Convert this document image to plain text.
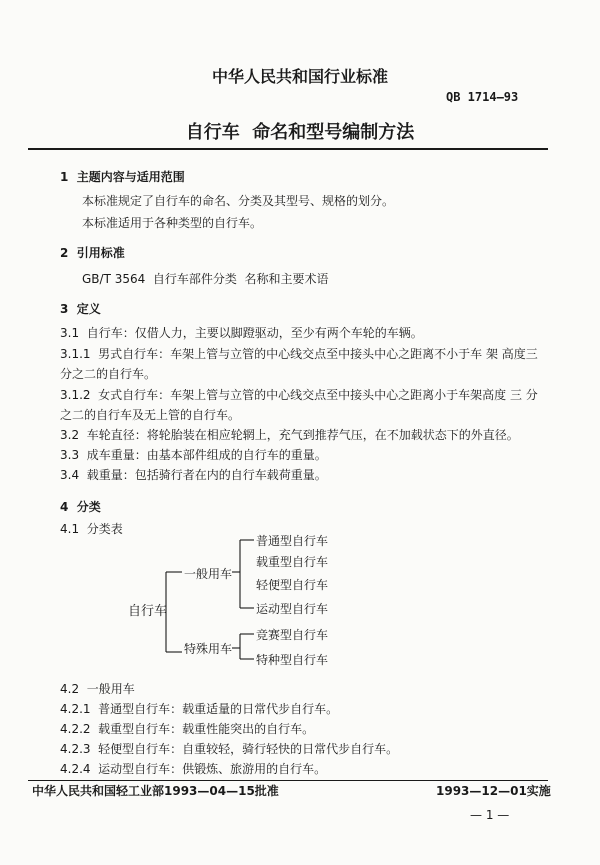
中华人民共和国行业标准
QB 1714—93
自行车  命名和型号编制方法
1  主题内容与适用范围
本标准规定了自行车的命名、分类及其型号、规格的划分。
本标准适用于各种类型的自行车。
2  引用标准
GB/T 3564  自行车部件分类  名称和主要术语
3  定义
3.1  自行车：仅借人力，主要以脚蹬驱动，至少有两个车轮的车辆。
3.1.1  男式自行车：车架上管与立管的中心线交点至中接头中心之距离不小于车 架 高度三
分之二的自行车。
3.1.2  女式自行车：车架上管与立管的中心线交点至中接头中心之距离小于车架高度 三 分
之二的自行车及无上管的自行车。
3.2  车轮直径：将轮胎装在相应轮辋上，充气到推荐气压，在不加载状态下的外直径。
3.3  成车重量：由基本部件组成的自行车的重量。
3.4  载重量：包括骑行者在内的自行车载荷重量。
4  分类
4.1  分类表
自行车
一般用车
特殊用车
普通型自行车
载重型自行车
轻便型自行车
运动型自行车
竞赛型自行车
特种型自行车
4.2  一般用车
4.2.1  普通型自行车：载重适量的日常代步自行车。
4.2.2  载重型自行车：载重性能突出的自行车。
4.2.3  轻便型自行车：自重较轻，骑行轻快的日常代步自行车。
4.2.4  运动型自行车：供锻炼、旅游用的自行车。
中华人民共和国轻工业部1993—04—15批准	1993—12—01实施
— 1 —
